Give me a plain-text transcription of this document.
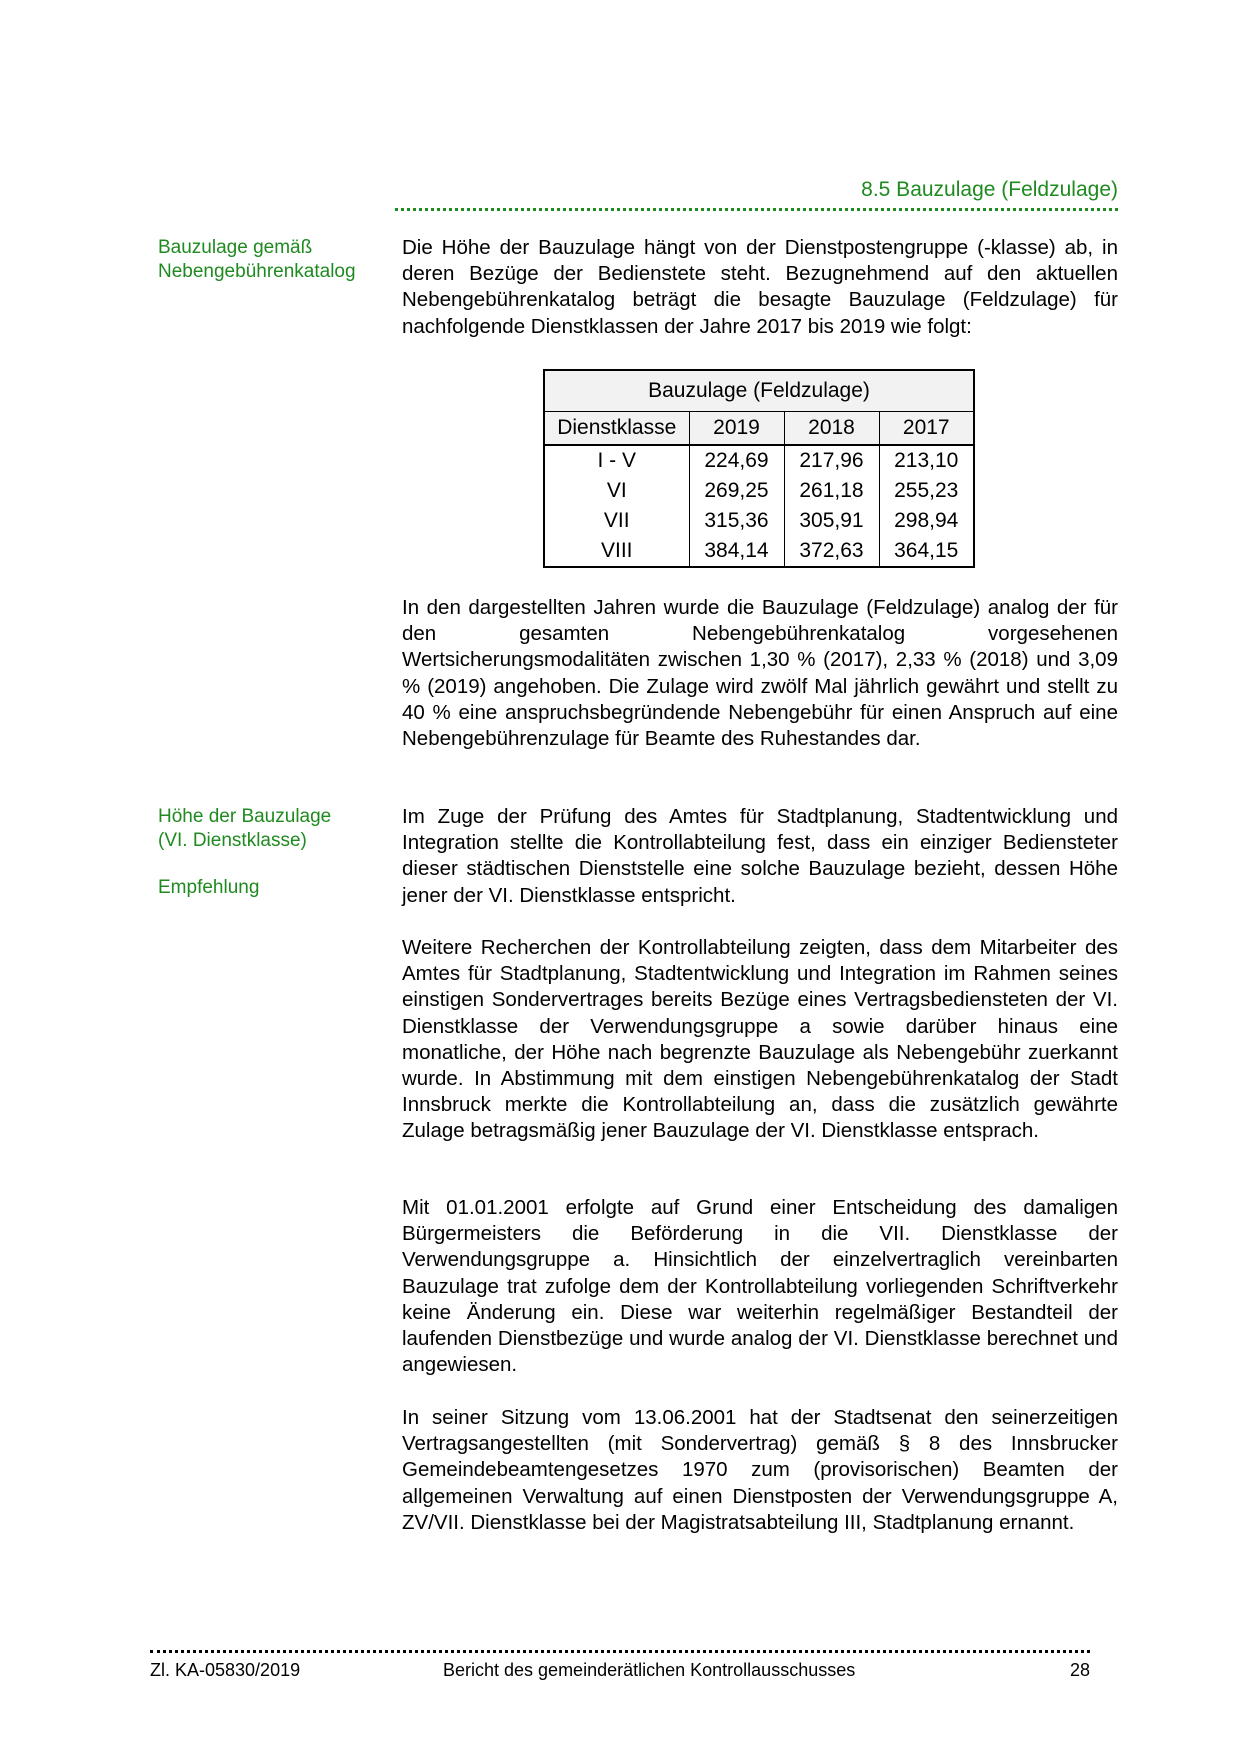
8.5 Bauzulage (Feldzulage)
Bauzulage gemäß
Nebengebührenkatalog
Die Höhe der Bauzulage hängt von der Dienstpostengruppe (-klasse) ab, in deren Bezüge der Bedienstete steht. Bezugnehmend auf den aktuellen Nebengebührenkatalog beträgt die besagte Bauzulage (Feldzulage) für nachfolgende Dienstklassen der Jahre 2017 bis 2019 wie folgt:
Bauzulage (Feldzulage)			
Dienstklasse	2019	2018	2017
I - V	224,69	217,96	213,10
VI	269,25	261,18	255,23
VII	315,36	305,91	298,94
VIII	384,14	372,63	364,15
In den dargestellten Jahren wurde die Bauzulage (Feldzulage) analog der für den gesamten Nebengebührenkatalog vorgesehenen Wertsicherungsmodalitäten zwischen 1,30 % (2017), 2,33 % (2018) und 3,09 % (2019) angehoben. Die Zulage wird zwölf Mal jährlich gewährt und stellt zu 40 % eine anspruchsbegründende Nebengebühr für einen Anspruch auf eine Nebengebührenzulage für Beamte des Ruhestandes dar.
Höhe der Bauzulage
(VI. Dienstklasse)
Empfehlung
Im Zuge der Prüfung des Amtes für Stadtplanung, Stadtentwicklung und Integration stellte die Kontrollabteilung fest, dass ein einziger Bediensteter dieser städtischen Dienststelle eine solche Bauzulage bezieht, dessen Höhe jener der VI. Dienstklasse entspricht.
Weitere Recherchen der Kontrollabteilung zeigten, dass dem Mitarbeiter des Amtes für Stadtplanung, Stadtentwicklung und Integration im Rahmen seines einstigen Sondervertrages bereits Bezüge eines Vertragsbediensteten der VI. Dienstklasse der Verwendungsgruppe a sowie darüber hinaus eine monatliche, der Höhe nach begrenzte Bauzulage als Nebengebühr zuerkannt wurde. In Abstimmung mit dem einstigen Nebengebührenkatalog der Stadt Innsbruck merkte die Kontrollabteilung an, dass die zusätzlich gewährte Zulage betragsmäßig jener Bauzulage der VI. Dienstklasse entsprach.
Mit 01.01.2001 erfolgte auf Grund einer Entscheidung des damaligen Bürgermeisters die Beförderung in die VII. Dienstklasse der Verwendungsgruppe a. Hinsichtlich der einzelvertraglich vereinbarten Bauzulage trat zufolge dem der Kontrollabteilung vorliegenden Schriftverkehr keine Änderung ein. Diese war weiterhin regelmäßiger Bestandteil der laufenden Dienstbezüge und wurde analog der VI. Dienstklasse berechnet und angewiesen.
In seiner Sitzung vom 13.06.2001 hat der Stadtsenat den seinerzeitigen Vertragsangestellten (mit Sondervertrag) gemäß § 8 des Innsbrucker Gemeindebeamtengesetzes 1970 zum (provisorischen) Beamten der allgemeinen Verwaltung auf einen Dienstposten der Verwendungsgruppe A, ZV/VII. Dienstklasse bei der Magistratsabteilung III, Stadtplanung ernannt.
Zl. KA-05830/2019	Bericht des gemeinderätlichen Kontrollausschusses	28
